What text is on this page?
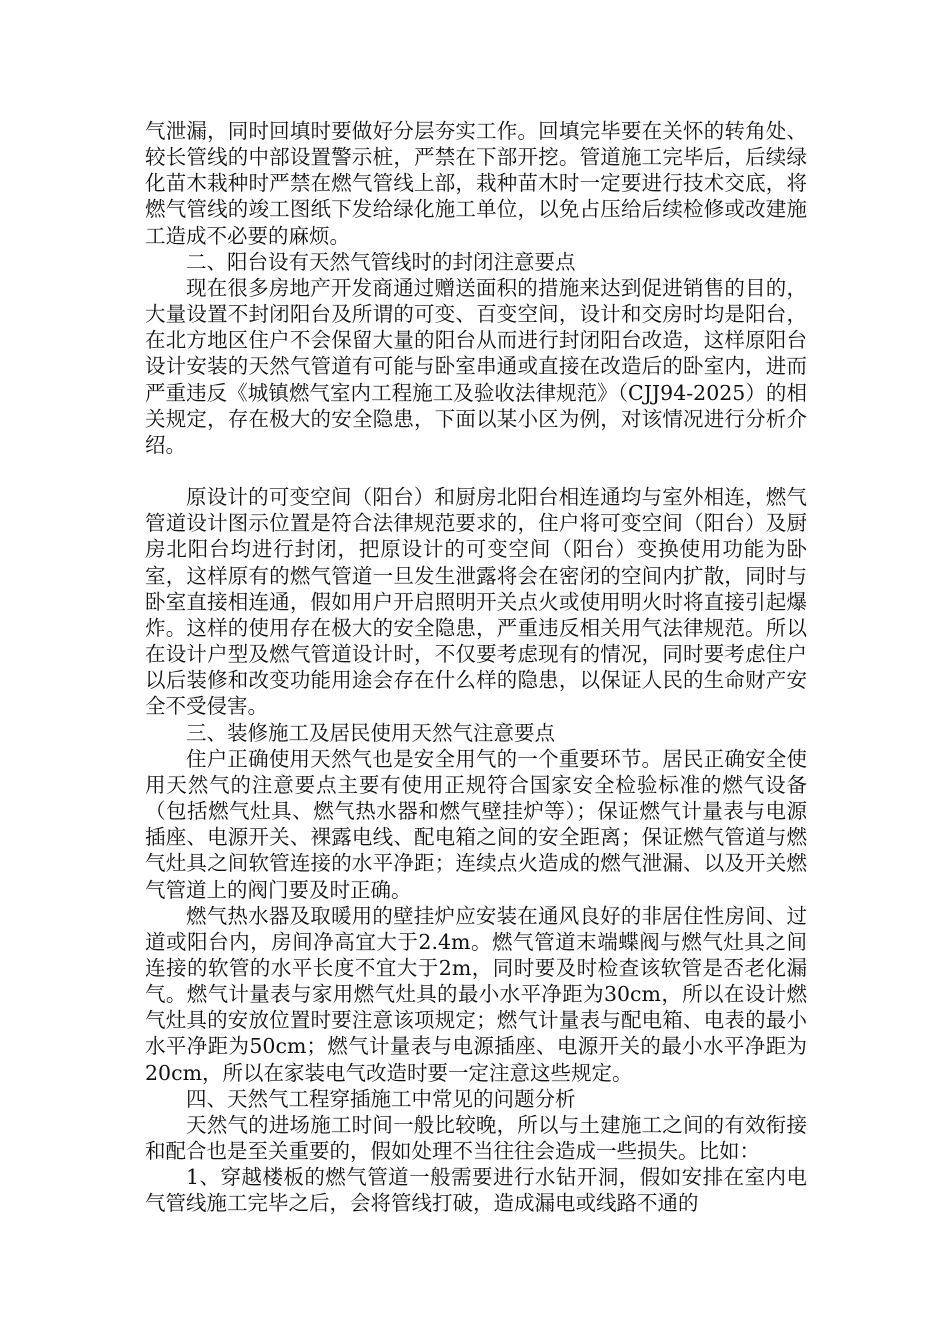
气泄漏，同时回填时要做好分层夯实工作。回填完毕要在关怀的转角处、较长管线的中部设置警示桩，严禁在下部开挖。管道施工完毕后，后续绿化苗木栽种时严禁在燃气管线上部，栽种苗木时一定要进行技术交底，将燃气管线的竣工图纸下发给绿化施工单位，以免占压给后续检修或改建施工造成不必要的麻烦。

二、阳台设有天然气管线时的封闭注意要点

现在很多房地产开发商通过赠送面积的措施来达到促进销售的目的，大量设置不封闭阳台及所谓的可变、百变空间，设计和交房时均是阳台，在北方地区住户不会保留大量的阳台从而进行封闭阳台改造，这样原阳台设计安装的天然气管道有可能与卧室串通或直接在改造后的卧室内，进而严重违反《城镇燃气室内工程施工及验收法律规范》（CJJ94-2025）的相关规定，存在极大的安全隐患，下面以某小区为例，对该情况进行分析介绍。

原设计的可变空间（阳台）和厨房北阳台相连通均与室外相连，燃气管道设计图示位置是符合法律规范要求的，住户将可变空间（阳台）及厨房北阳台均进行封闭，把原设计的可变空间（阳台）变换使用功能为卧室，这样原有的燃气管道一旦发生泄露将会在密闭的空间内扩散，同时与卧室直接相连通，假如用户开启照明开关点火或使用明火时将直接引起爆炸。这样的使用存在极大的安全隐患，严重违反相关用气法律规范。所以在设计户型及燃气管道设计时，不仅要考虑现有的情况，同时要考虑住户以后装修和改变功能用途会存在什么样的隐患，以保证人民的生命财产安全不受侵害。

三、装修施工及居民使用天然气注意要点

住户正确使用天然气也是安全用气的一个重要环节。居民正确安全使用天然气的注意要点主要有使用正规符合国家安全检验标准的燃气设备（包括燃气灶具、燃气热水器和燃气壁挂炉等）；保证燃气计量表与电源插座、电源开关、裸露电线、配电箱之间的安全距离；保证燃气管道与燃气灶具之间软管连接的水平净距；连续点火造成的燃气泄漏、以及开关燃气管道上的阀门要及时正确。

燃气热水器及取暖用的壁挂炉应安装在通风良好的非居住性房间、过道或阳台内，房间净高宜大于2.4m。燃气管道末端蝶阀与燃气灶具之间连接的软管的水平长度不宜大于2m，同时要及时检查该软管是否老化漏气。燃气计量表与家用燃气灶具的最小水平净距为30cm，所以在设计燃气灶具的安放位置时要注意该项规定；燃气计量表与配电箱、电表的最小水平净距为50cm；燃气计量表与电源插座、电源开关的最小水平净距为20cm，所以在家装电气改造时要一定注意这些规定。

四、天然气工程穿插施工中常见的问题分析

天然气的进场施工时间一般比较晚，所以与土建施工之间的有效衔接和配合也是至关重要的，假如处理不当往往会造成一些损失。比如：

1、穿越楼板的燃气管道一般需要进行水钻开洞，假如安排在室内电气管线施工完毕之后，会将管线打破，造成漏电或线路不通的
